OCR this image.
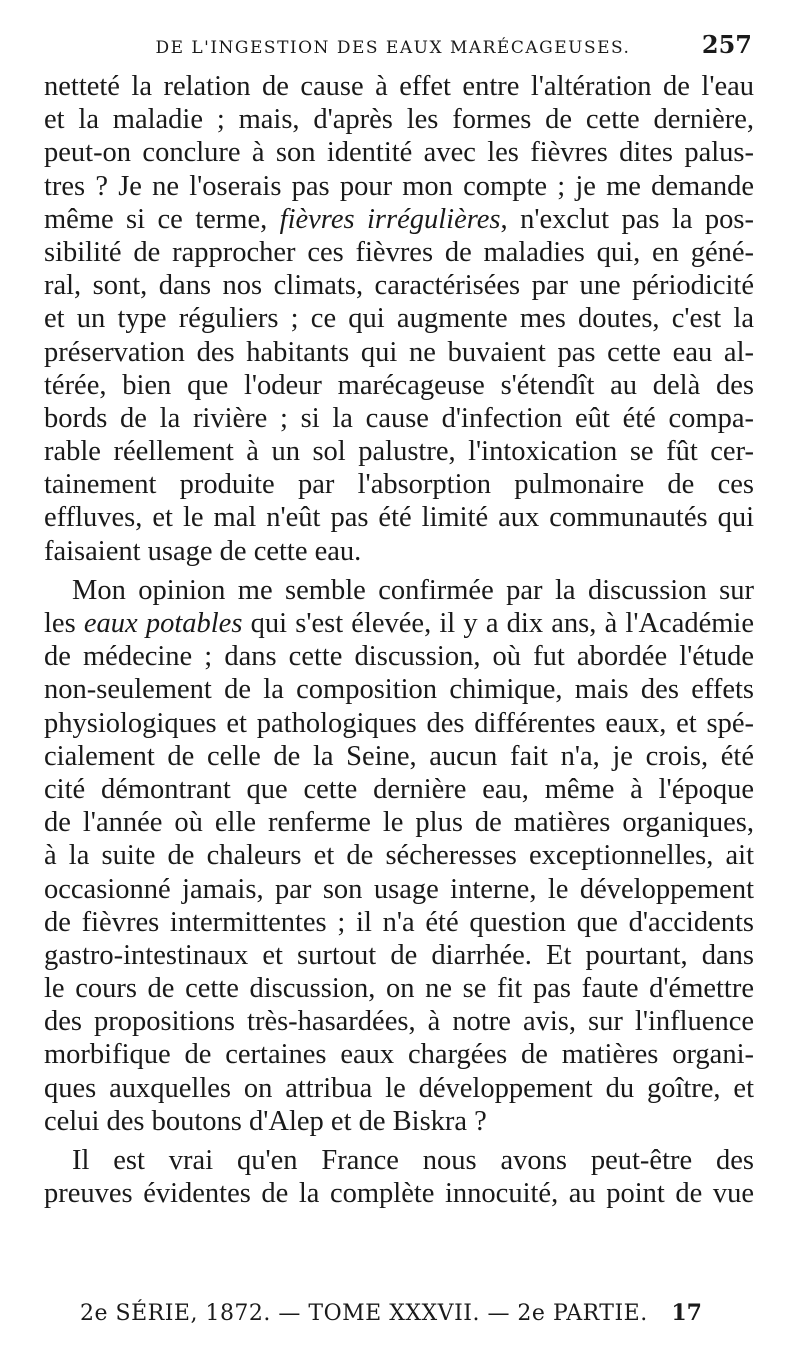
DE L'INGESTION DES EAUX MARÉCAGEUSES.	257
netteté la relation de cause à effet entre l'altération de l'eau
et la maladie ; mais, d'après les formes de cette dernière,
peut-on conclure à son identité avec les fièvres dites palus-
tres ? Je ne l'oserais pas pour mon compte ; je me demande
même si ce terme, fièvres irrégulières, n'exclut pas la pos-
sibilité de rapprocher ces fièvres de maladies qui, en géné-
ral, sont, dans nos climats, caractérisées par une périodicité
et un type réguliers ; ce qui augmente mes doutes, c'est la
préservation des habitants qui ne buvaient pas cette eau al-
térée, bien que l'odeur marécageuse s'étendît au delà des
bords de la rivière ; si la cause d'infection eût été compa-
rable réellement à un sol palustre, l'intoxication se fût cer-
tainement produite par l'absorption pulmonaire de ces
effluves, et le mal n'eût pas été limité aux communautés qui
faisaient usage de cette eau.
Mon opinion me semble confirmée par la discussion sur
les eaux potables qui s'est élevée, il y a dix ans, à l'Académie
de médecine ; dans cette discussion, où fut abordée l'étude
non-seulement de la composition chimique, mais des effets
physiologiques et pathologiques des différentes eaux, et spé-
cialement de celle de la Seine, aucun fait n'a, je crois, été
cité démontrant que cette dernière eau, même à l'époque
de l'année où elle renferme le plus de matières organiques,
à la suite de chaleurs et de sécheresses exceptionnelles, ait
occasionné jamais, par son usage interne, le développement
de fièvres intermittentes ; il n'a été question que d'accidents
gastro-intestinaux et surtout de diarrhée. Et pourtant, dans
le cours de cette discussion, on ne se fit pas faute d'émettre
des propositions très-hasardées, à notre avis, sur l'influence
morbifique de certaines eaux chargées de matières organi-
ques auxquelles on attribua le développement du goître, et
celui des boutons d'Alep et de Biskra ?
Il est vrai qu'en France nous avons peut-être des
preuves évidentes de la complète innocuité, au point de vue
2e SÉRIE, 1872. — TOME XXXVII. — 2e PARTIE.	17
